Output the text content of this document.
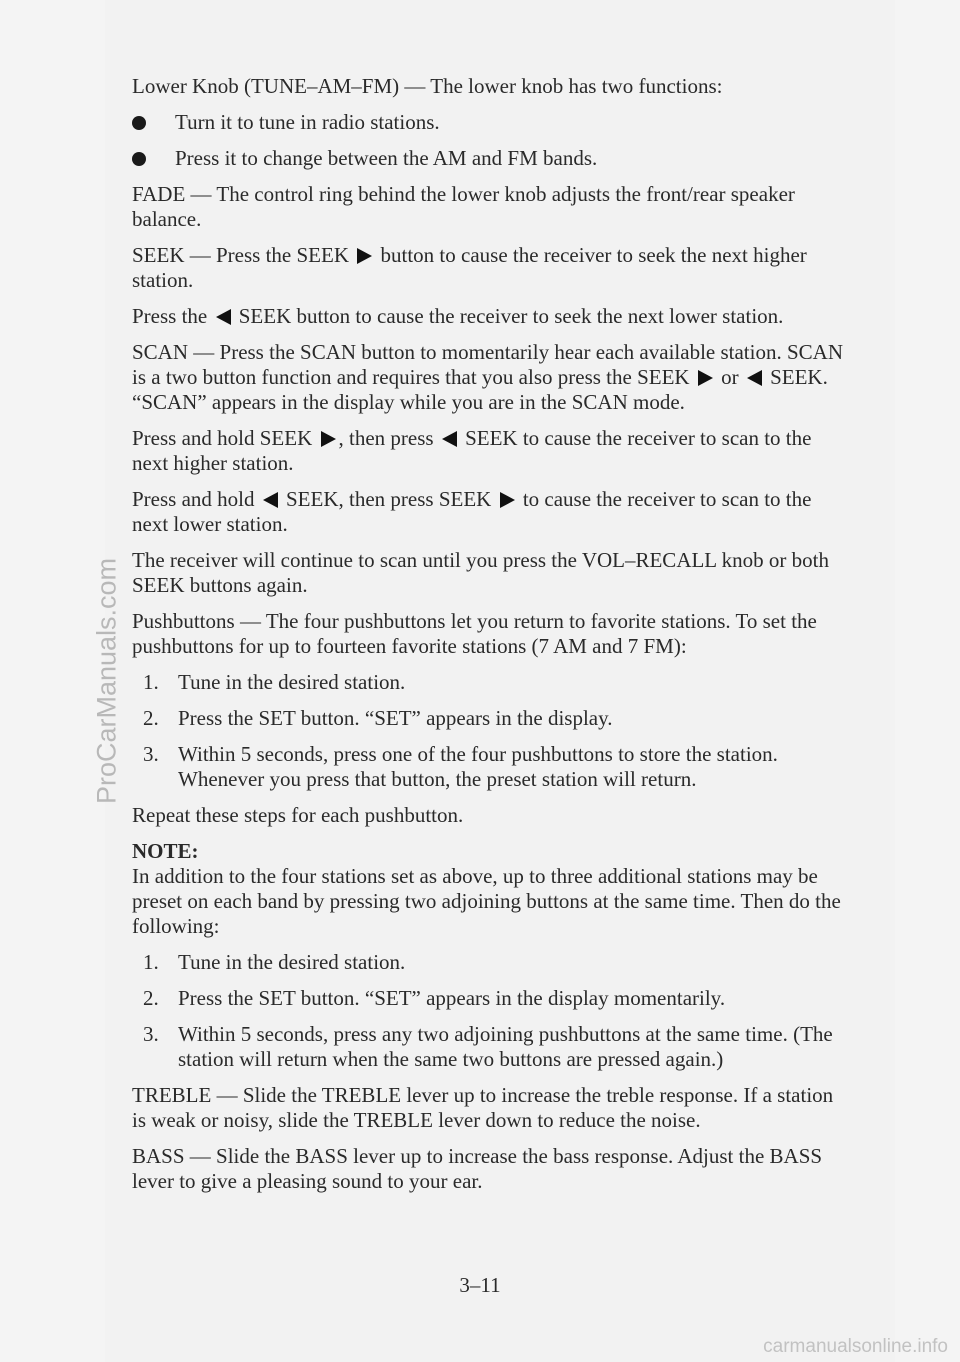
ProCarManuals.com

Lower Knob (TUNE–AM–FM) — The lower knob has two functions:

Turn it to tune in radio stations.
Press it to change between the AM and FM bands.

FADE — The control ring behind the lower knob adjusts the front/rear speaker balance.

SEEK — Press the SEEK button to cause the receiver to seek the next higher station.

Press the SEEK button to cause the receiver to seek the next lower station.

SCAN — Press the SCAN button to momentarily hear each available station. SCAN is a two button function and requires that you also press the SEEK or SEEK. “SCAN” appears in the display while you are in the SCAN mode.

Press and hold SEEK , then press SEEK to cause the receiver to scan to the next higher station.

Press and hold SEEK, then press SEEK to cause the receiver to scan to the next lower station.

The receiver will continue to scan until you press the VOL–RECALL knob or both SEEK buttons again.

Pushbuttons — The four pushbuttons let you return to favorite stations. To set the pushbuttons for up to fourteen favorite stations (7 AM and 7 FM):

1. Tune in the desired station.
2. Press the SET button. “SET” appears in the display.
3. Within 5 seconds, press one of the four pushbuttons to store the station. Whenever you press that button, the preset station will return.

Repeat these steps for each pushbutton.

NOTE:

In addition to the four stations set as above, up to three additional stations may be preset on each band by pressing two adjoining buttons at the same time. Then do the following:

1. Tune in the desired station.
2. Press the SET button. “SET” appears in the display momentarily.
3. Within 5 seconds, press any two adjoining pushbuttons at the same time. (The station will return when the same two buttons are pressed again.)

TREBLE — Slide the TREBLE lever up to increase the treble response. If a station is weak or noisy, slide the TREBLE lever down to reduce the noise.

BASS — Slide the BASS lever up to increase the bass response. Adjust the BASS lever to give a pleasing sound to your ear.

3–11
carmanualsonline.info
